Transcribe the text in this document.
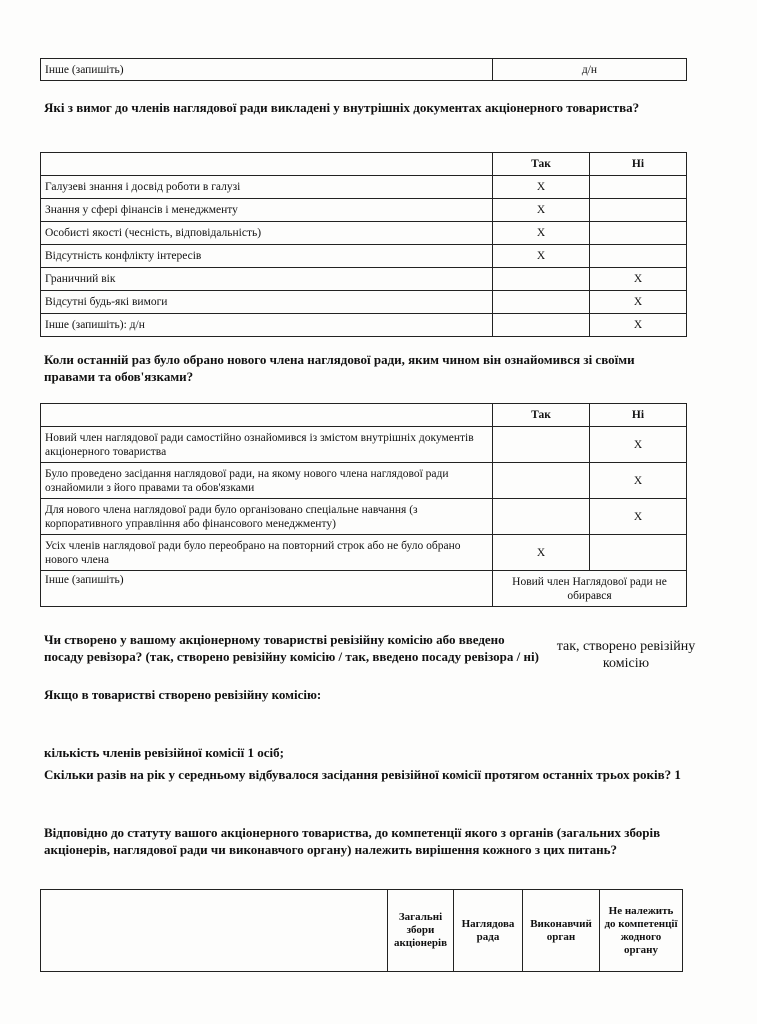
Інше (запишіть)	д/н

Які з вимог до членів наглядової ради викладені у внутрішніх документах акціонерного товариства?

	Так	Ні
Галузеві знання і досвід роботи в галузі	X	
Знання у сфері фінансів і менеджменту	X	
Особисті якості (чесність, відповідальність)	X	
Відсутність конфлікту інтересів	X	
Граничний вік		X
Відсутні будь-які вимоги		X
Інше (запишіть): д/н		X

Коли останній раз було обрано нового члена наглядової ради, яким чином він ознайомився зі своїми правами та обов'язками?

	Так	Ні
Новий член наглядової ради самостійно ознайомився із змістом внутрішніх документів акціонерного товариства		X
Було проведено засідання наглядової ради, на якому нового члена наглядової ради ознайомили з його правами та обов'язками		X
Для нового члена наглядової ради було організовано спеціальне навчання (з корпоративного управління або фінансового менеджменту)		X
Усіх членів наглядової ради було переобрано на повторний строк або не було обрано нового члена	X	
Інше (запишіть)	Новий член Наглядової ради не обирався	

Чи створено у вашому акціонерному товаристві ревізійну комісію або введено посаду ревізора? (так, створено ревізійну комісію / так, введено посаду ревізора / ні)

так, створено ревізійну комісію

Якщо в товаристві створено ревізійну комісію:

кількість членів ревізійної комісії 1 осіб;

Скільки разів на рік у середньому відбувалося засідання ревізійної комісії протягом останніх трьох років? 1

Відповідно до статуту вашого акціонерного товариства, до компетенції якого з органів (загальних зборів акціонерів, наглядової ради чи виконавчого органу) належить вирішення кожного з цих питань?

	Загальні збори акціонерів	Наглядова рада	Виконавчий орган	Не належить до компетенції жодного органу
